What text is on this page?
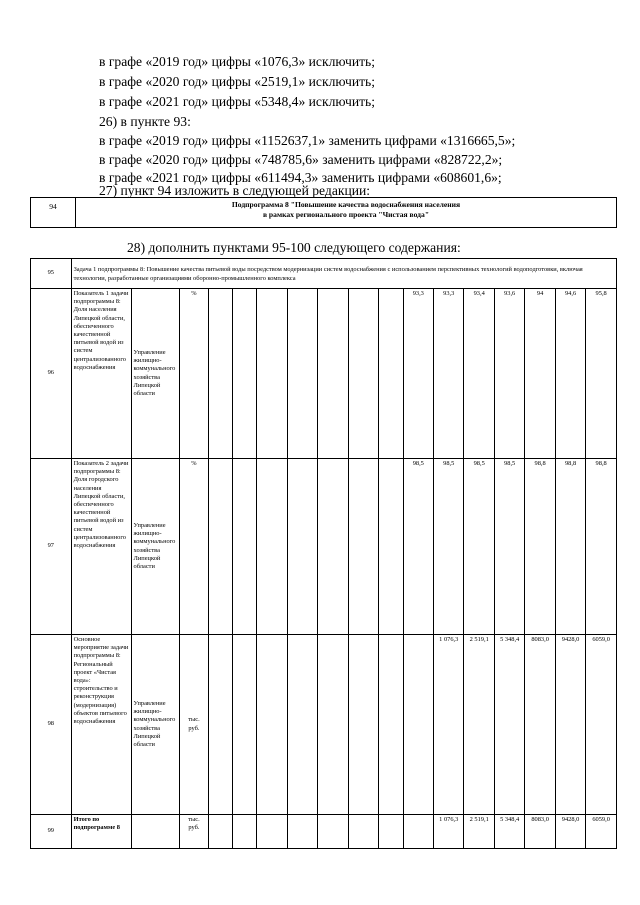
в графе «2019 год» цифры «1076,3» исключить;
в графе «2020 год» цифры «2519,1» исключить;
в графе «2021 год» цифры «5348,4» исключить;
26) в пункте 93:
в графе «2019 год» цифры «1152637,1» заменить цифрами «1316665,5»;
в графе «2020 год» цифры «748785,6» заменить цифрами «828722,2»;
в графе «2021 год» цифры «611494,3» заменить цифрами «608601,6»;
27) пункт 94 изложить в следующей редакции:
94	Подпрограмма 8 "Повышение качества водоснабжения населения
в рамках регионального проекта "Чистая вода"
28) дополнить пунктами 95-100 следующего содержания:
95	Задача 1 подпрограммы 8: Повышение качества питьевой воды посредством модернизации систем водоснабжения с использованием перспективных технологий водоподготовки, включая технологии, разработанные организациями оборонно-промышленного комплекса																
96	Показатель 1 задачи подпрограммы 8: Доля населения Липецкой области, обеспеченного качественной питьевой водой из систем централизованного водоснабжения	Управление жилищно-коммунального хозяйства Липецкой области	%								93,3	93,3	93,4	93,6	94	94,6	95,8
97	Показатель 2 задачи подпрограммы 8: Доля городского населения Липецкой области, обеспеченного качественной питьевой водой из систем централизованного водоснабжения	Управление жилищно-коммунального хозяйства Липецкой области	%								98,5	98,5	98,5	98,5	98,8	98,8	98,8
98	Основное мероприятие задачи подпрограммы 8: Региональный проект «Чистая вода»: строительство и реконструкция (модернизация) объектов питьевого водоснабжения	Управление жилищно-коммунального хозяйства Липецкой области	тыс. руб.									1 076,3	2 519,1	5 348,4	8083,0	9428,0	6059,0
99	Итого по подпрограмме 8		тыс. руб.									1 076,3	2 519,1	5 348,4	8083,0	9428,0	6059,0
